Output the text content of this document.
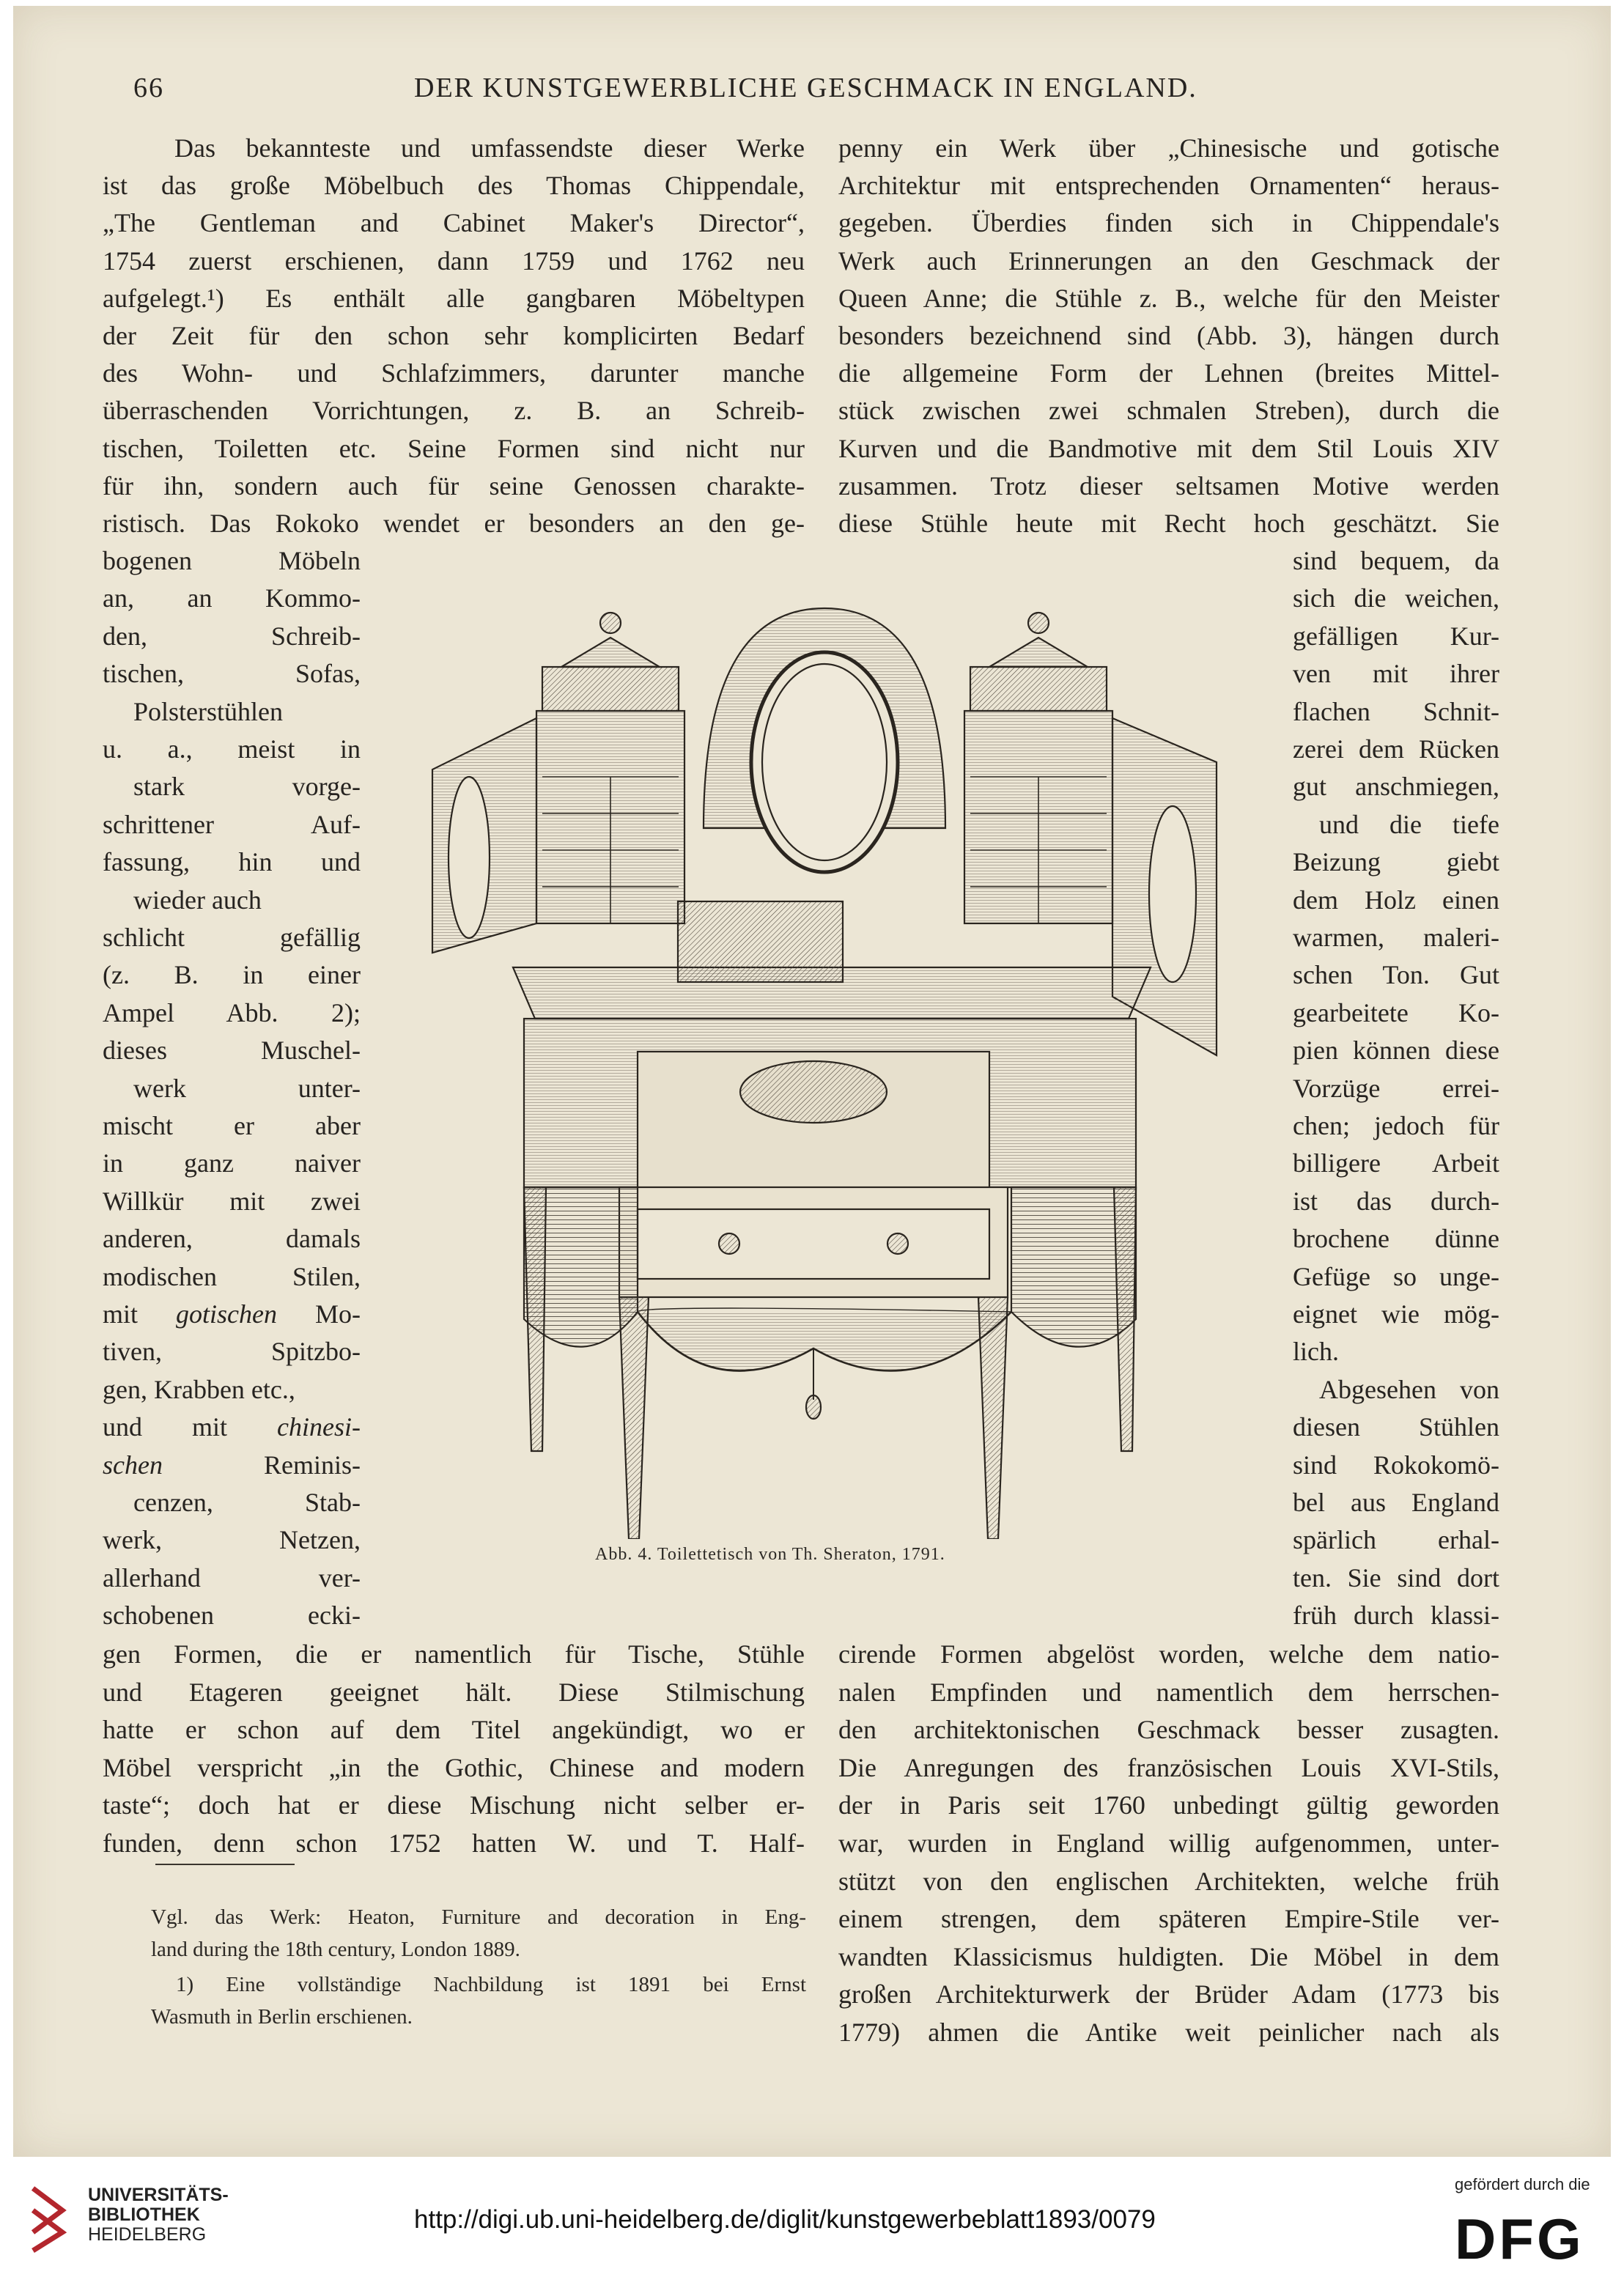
66	DER KUNSTGEWERBLICHE GESCHMACK IN ENGLAND.
Das bekannteste und umfassendste dieser Werke
ist das große Möbelbuch des Thomas Chippendale,
„The Gentleman and Cabinet Maker's Director“,
1754 zuerst erschienen, dann 1759 und 1762 neu
aufgelegt.¹) Es enthält alle gangbaren Möbeltypen
der Zeit für den schon sehr komplicirten Bedarf
des Wohn- und Schlafzimmers, darunter manche
überraschenden Vorrichtungen, z. B. an Schreib-
tischen, Toiletten etc. Seine Formen sind nicht nur
für ihn, sondern auch für seine Genossen charakte-
ristisch. Das Rokoko wendet er besonders an den ge-
penny ein Werk über „Chinesische und gotische
Architektur mit entsprechenden Ornamenten“ heraus-
gegeben. Überdies finden sich in Chippendale's
Werk auch Erinnerungen an den Geschmack der
Queen Anne; die Stühle z. B., welche für den Meister
besonders bezeichnend sind (Abb. 3), hängen durch
die allgemeine Form der Lehnen (breites Mittel-
stück zwischen zwei schmalen Streben), durch die
Kurven und die Bandmotive mit dem Stil Louis XIV
zusammen. Trotz dieser seltsamen Motive werden
diese Stühle heute mit Recht hoch geschätzt. Sie
bogenen Möbeln
an, an Kommo-
den, Schreib-
tischen, Sofas,
Polsterstühlen
u. a., meist in
stark vorge-
schrittener Auf-
fassung, hin und
wieder auch
schlicht gefällig
(z. B. in einer
Ampel Abb. 2);
dieses Muschel-
werk unter-
mischt er aber
in ganz naiver
Willkür mit zwei
anderen, damals
modischen Stilen,
mit gotischen Mo-
tiven, Spitzbo-
gen, Krabben etc.,
und mit chinesi-
schen Reminis-
cenzen, Stab-
werk, Netzen,
allerhand ver-
schobenen ecki-
sind bequem, da
sich die weichen,
gefälligen Kur-
ven mit ihrer
flachen Schnit-
zerei dem Rücken
gut anschmiegen,
und die tiefe
Beizung giebt
dem Holz einen
warmen, maleri-
schen Ton. Gut
gearbeitete Ko-
pien können diese
Vorzüge errei-
chen; jedoch für
billigere Arbeit
ist das durch-
brochene dünne
Gefüge so unge-
eignet wie mög-
lich.
Abgesehen von
diesen Stühlen
sind Rokokomö-
bel aus England
spärlich erhal-
ten. Sie sind dort
früh durch klassi-
gen Formen, die er namentlich für Tische, Stühle
und Etageren geeignet hält. Diese Stilmischung
hatte er schon auf dem Titel angekündigt, wo er
Möbel verspricht „in the Gothic, Chinese and modern
taste“; doch hat er diese Mischung nicht selber er-
funden, denn schon 1752 hatten W. und T. Half-
cirende Formen abgelöst worden, welche dem natio-
nalen Empfinden und namentlich dem herrschen-
den architektonischen Geschmack besser zusagten.
Die Anregungen des französischen Louis XVI-Stils,
der in Paris seit 1760 unbedingt gültig geworden
war, wurden in England willig aufgenommen, unter-
stützt von den englischen Architekten, welche früh
einem strengen, dem späteren Empire-Stile ver-
wandten Klassicismus huldigten. Die Möbel in dem
großen Architekturwerk der Brüder Adam (1773 bis
1779) ahmen die Antike weit peinlicher nach als
Abb. 4. Toilettetisch von Th. Sheraton, 1791.
Vgl. das Werk: Heaton, Furniture and decoration in Eng-
land during the 18th century, London 1889.
1) Eine vollständige Nachbildung ist 1891 bei Ernst
Wasmuth in Berlin erschienen.
UNIVERSITÄTS-
BIBLIOTHEK
HEIDELBERG
http://digi.ub.uni-heidelberg.de/diglit/kunstgewerbeblatt1893/0079
gefördert durch die
DFG
